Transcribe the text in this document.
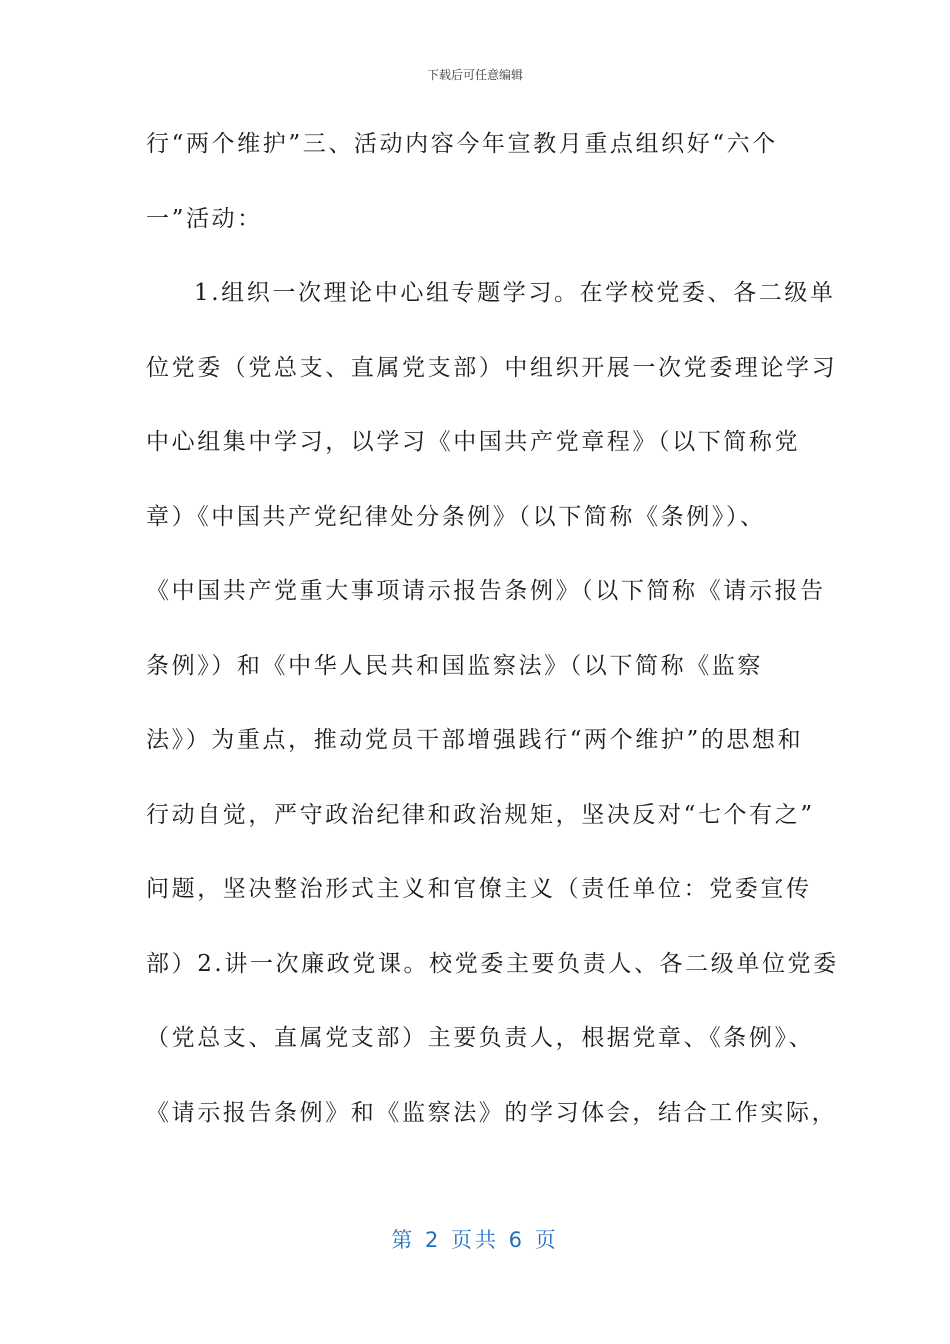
下载后可任意编辑
行“两个维护”三、活动内容今年宣教月重点组织好“六个
一”活动：
1.组织一次理论中心组专题学习。在学校党委、各二级单
位党委（党总支、直属党支部）中组织开展一次党委理论学习
中心组集中学习，以学习《中国共产党章程》（以下简称党
章）《中国共产党纪律处分条例》（以下简称《条例》）、
《中国共产党重大事项请示报告条例》（以下简称《请示报告
条例》）和《中华人民共和国监察法》（以下简称《监察
法》）为重点，推动党员干部增强践行“两个维护”的思想和
行动自觉，严守政治纪律和政治规矩，坚决反对“七个有之”
问题，坚决整治形式主义和官僚主义（责任单位：党委宣传
部）2.讲一次廉政党课。校党委主要负责人、各二级单位党委
（党总支、直属党支部）主要负责人，根据党章、《条例》、
《请示报告条例》和《监察法》的学习体会，结合工作实际，
第 2 页共 6 页
